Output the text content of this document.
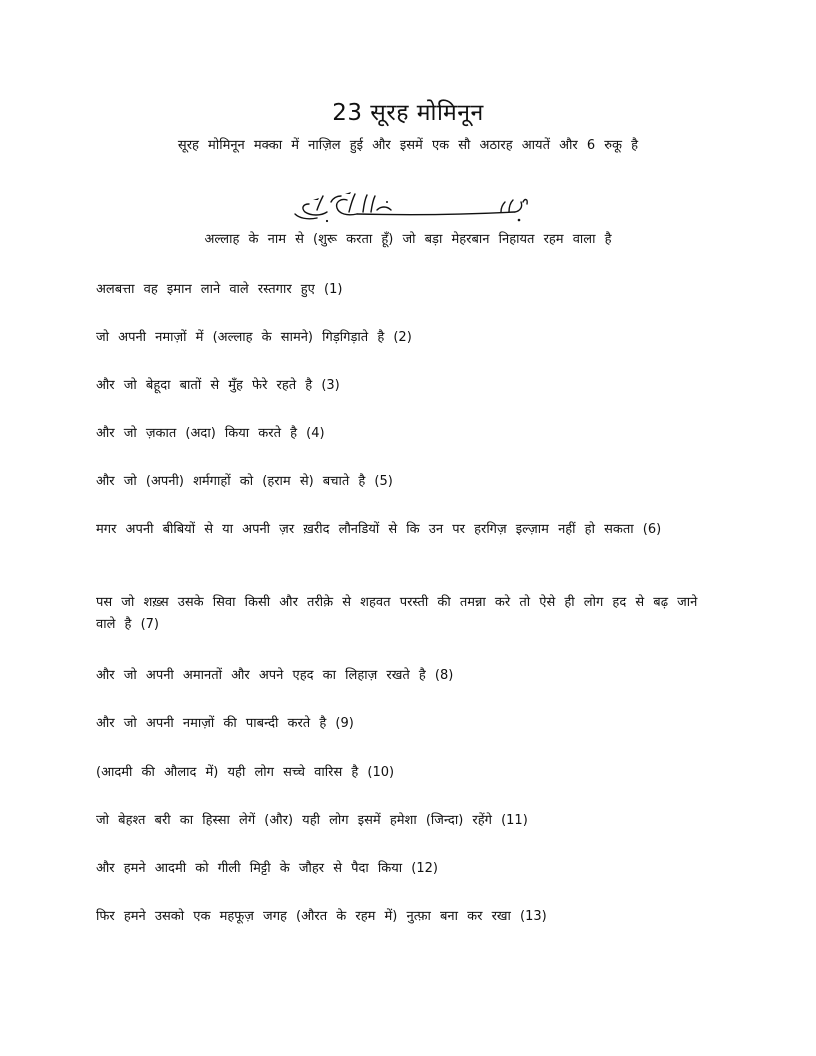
23 सूरह मोमिनून
सूरह मोमिनून मक्का में नाज़िल हुई और इसमें एक सौ अठारह आयतें और 6 रुकू है
अल्लाह के नाम से (शुरू करता हूँ) जो बड़ा मेहरबान निहायत रहम वाला है
अलबत्ता वह इमान लाने वाले रस्तगार हुए (1)
जो अपनी नमाज़ों में (अल्लाह के सामने) गिड़गिड़ाते है (2)
और जो बेहूदा बातों से मुँह फेरे रहते है (3)
और जो ज़कात (अदा) किया करते है (4)
और जो (अपनी) शर्मगाहों को (हराम से) बचाते है (5)
मगर अपनी बीबियों से या अपनी ज़र ख़रीद लौनडियों से कि उन पर हरगिज़ इल्ज़ाम नहीं हो सकता (6)
पस जो शख़्स उसके सिवा किसी और तरीके़ से शहवत परस्ती की तमन्ना करे तो ऐसे ही लोग हद से बढ़ जाने वाले है (7)
और जो अपनी अमानतों और अपने एहद का लिहाज़ रखते है (8)
और जो अपनी नमाज़ों की पाबन्दी करते है (9)
(आदमी की औलाद में) यही लोग सच्चे वारिस है (10)
जो बेहश्त बरी का हिस्सा लेगें (और) यही लोग इसमें हमेशा (जिन्दा) रहेंगे (11)
और हमने आदमी को गीली मिट्टी के जौहर से पैदा किया (12)
फिर हमने उसको एक महफूज़ जगह (औरत के रहम में) नुत्फ़ा बना कर रखा (13)
